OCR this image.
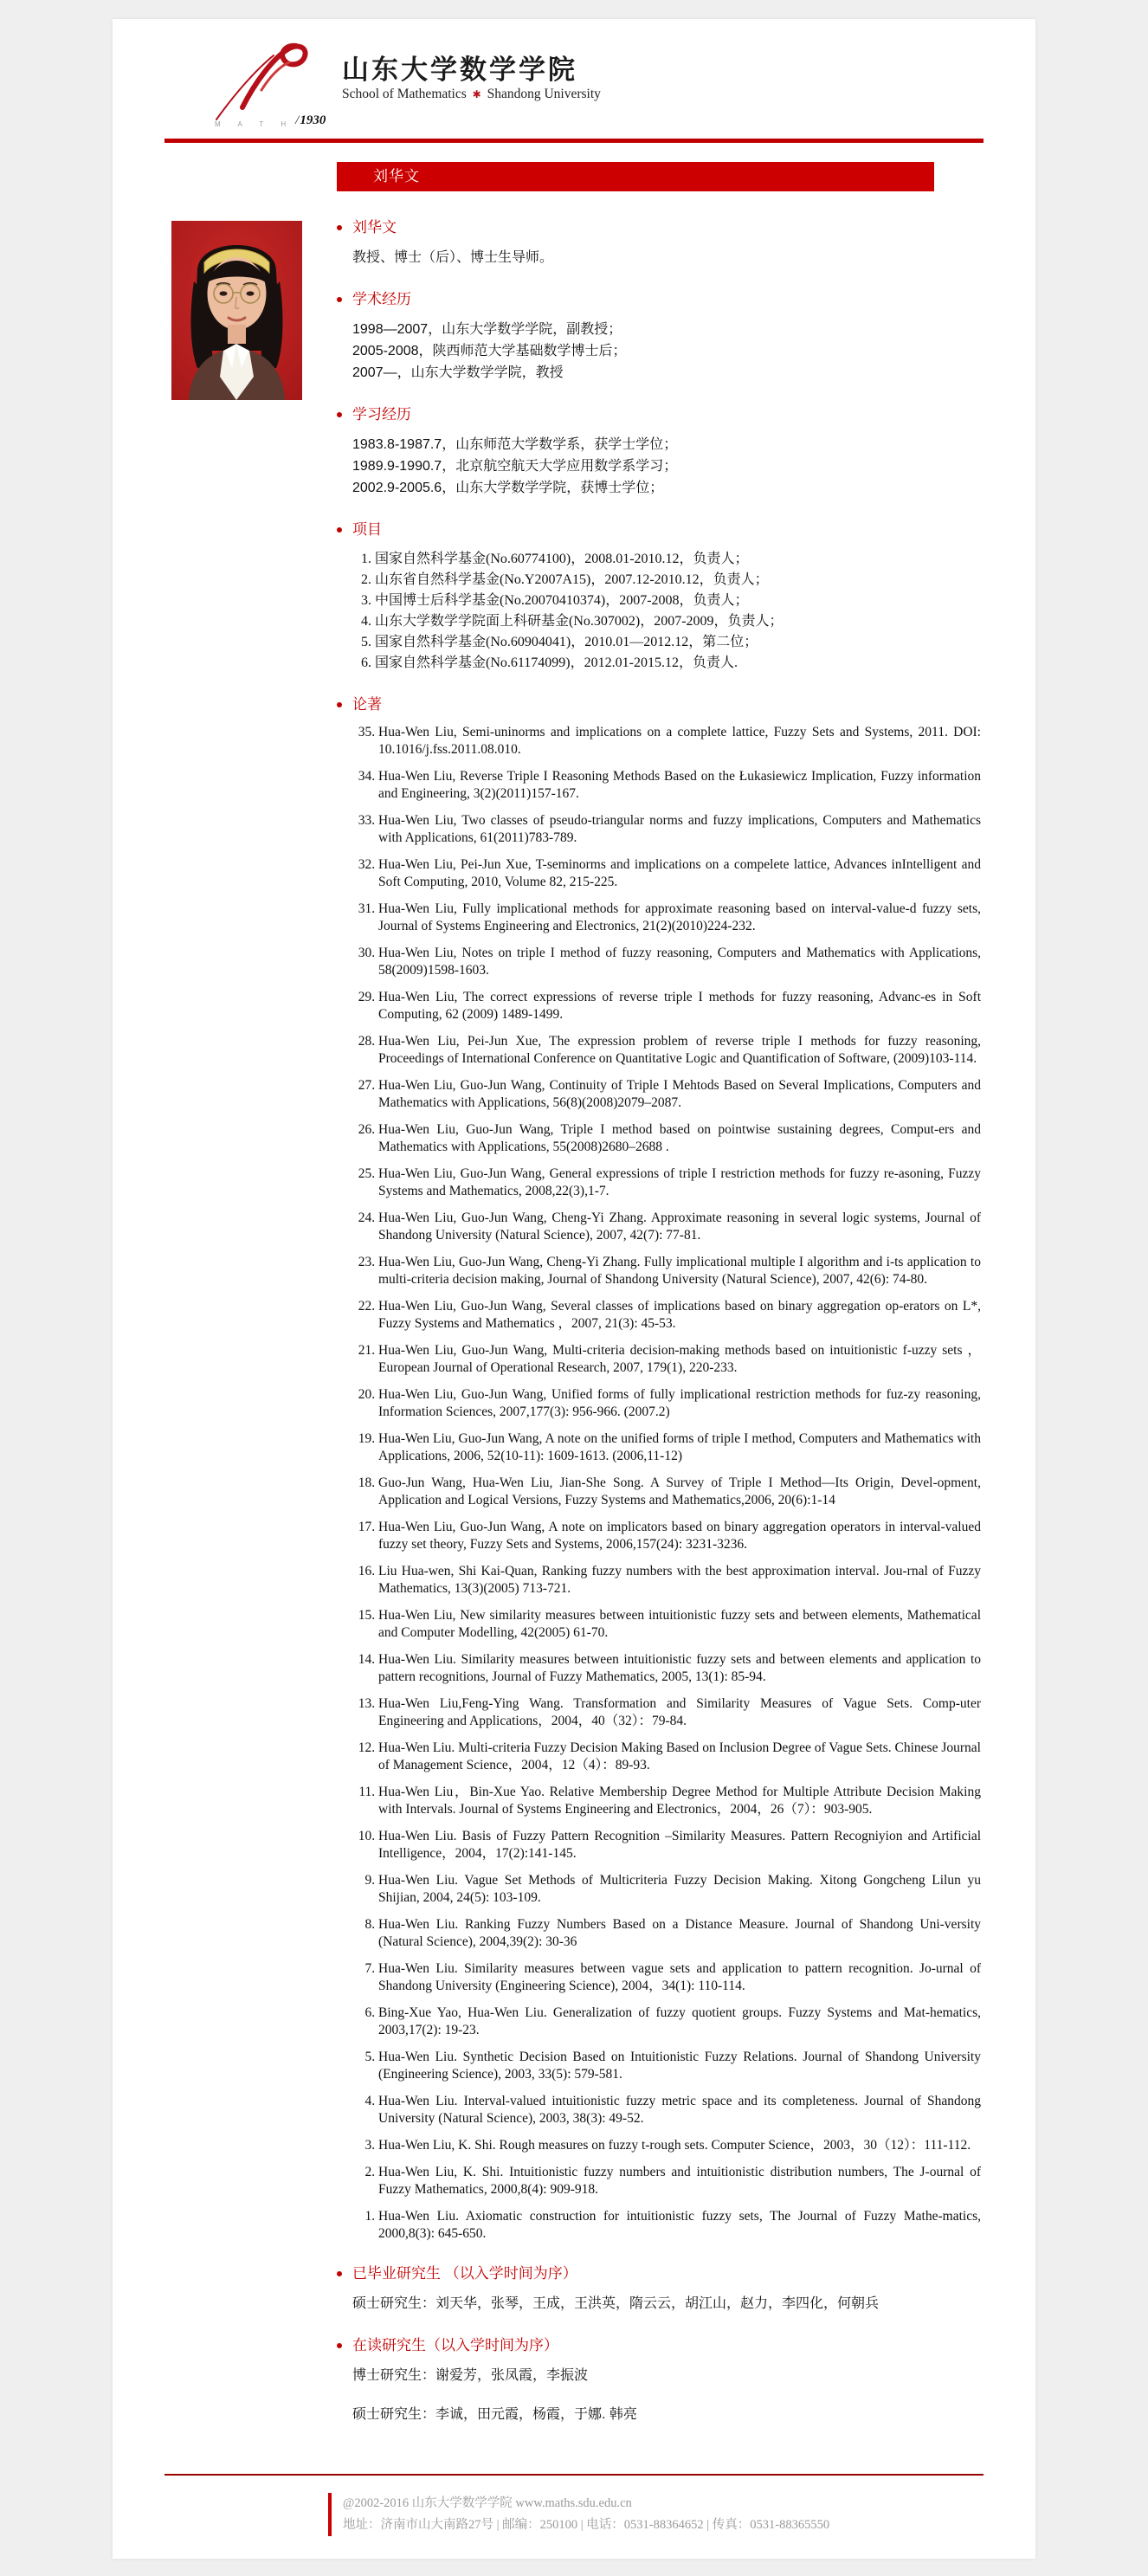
M A T H / 1930
山东大学数学学院
School of Mathematics ✱ Shandong University
刘华文
刘华文
教授、博士（后）、博士生导师。
学术经历
1998—2007，山东大学数学学院，副教授；
2005-2008，陕西师范大学基础数学博士后；
2007—，山东大学数学学院，教授
学习经历
1983.8-1987.7，山东师范大学数学系，获学士学位；
1989.9-1990.7，北京航空航天大学应用数学系学习；
2002.9-2005.6，山东大学数学学院，获博士学位；
项目
1. 国家自然科学基金(No.60774100)，2008.01-2010.12，负责人；
2. 山东省自然科学基金(No.Y2007A15)，2007.12-2010.12，负责人；
3. 中国博士后科学基金(No.20070410374)，2007-2008，负责人；
4. 山东大学数学学院面上科研基金(No.307002)，2007-2009，负责人；
5. 国家自然科学基金(No.60904041)，2010.01—2012.12，第二位；
6. 国家自然科学基金(No.61174099)，2012.01-2015.12，负责人.
论著
35. Hua-Wen Liu, Semi-uninorms and implications on a complete lattice, Fuzzy Sets and Systems, 2011. DOI: 10.1016/j.fss.2011.08.010.
34. Hua-Wen Liu, Reverse Triple I Reasoning Methods Based on the Łukasiewicz Implication, Fuzzy information and Engineering, 3(2)(2011)157-167.
33. Hua-Wen Liu, Two classes of pseudo-triangular norms and fuzzy implications, Computers and Mathematics with Applications, 61(2011)783-789.
32. Hua-Wen Liu, Pei-Jun Xue, T-seminorms and implications on a compelete lattice, Advances inIntelligent and Soft Computing, 2010, Volume 82, 215-225.
31. Hua-Wen Liu, Fully implicational methods for approximate reasoning based on interval-value-d fuzzy sets, Journal of Systems Engineering and Electronics, 21(2)(2010)224-232.
30. Hua-Wen Liu, Notes on triple I method of fuzzy reasoning, Computers and Mathematics with Applications, 58(2009)1598-1603.
29. Hua-Wen Liu, The correct expressions of reverse triple I methods for fuzzy reasoning, Advanc-es in Soft Computing, 62 (2009) 1489-1499.
28. Hua-Wen Liu, Pei-Jun Xue, The expression problem of reverse triple I methods for fuzzy reasoning, Proceedings of International Conference on Quantitative Logic and Quantification of Software, (2009)103-114.
27. Hua-Wen Liu, Guo-Jun Wang, Continuity of Triple I Mehtods Based on Several Implications, Computers and Mathematics with Applications, 56(8)(2008)2079–2087.
26. Hua-Wen Liu, Guo-Jun Wang, Triple I method based on pointwise sustaining degrees, Comput-ers and Mathematics with Applications, 55(2008)2680–2688 .
25. Hua-Wen Liu, Guo-Jun Wang, General expressions of triple I restriction methods for fuzzy re-asoning, Fuzzy Systems and Mathematics, 2008,22(3),1-7.
24. Hua-Wen Liu, Guo-Jun Wang, Cheng-Yi Zhang. Approximate reasoning in several logic systems, Journal of Shandong University (Natural Science), 2007, 42(7): 77-81.
23. Hua-Wen Liu, Guo-Jun Wang, Cheng-Yi Zhang. Fully implicational multiple I algorithm and i-ts application to multi-criteria decision making, Journal of Shandong University (Natural Science), 2007, 42(6): 74-80.
22. Hua-Wen Liu, Guo-Jun Wang, Several classes of implications based on binary aggregation op-erators on L*, Fuzzy Systems and Mathematics ，2007, 21(3): 45-53.
21. Hua-Wen Liu, Guo-Jun Wang, Multi-criteria decision-making methods based on intuitionistic f-uzzy sets ，European Journal of Operational Research, 2007, 179(1), 220-233.
20. Hua-Wen Liu, Guo-Jun Wang, Unified forms of fully implicational restriction methods for fuz-zy reasoning, Information Sciences, 2007,177(3): 956-966. (2007.2)
19. Hua-Wen Liu, Guo-Jun Wang, A note on the unified forms of triple I method, Computers and Mathematics with Applications, 2006, 52(10-11): 1609-1613. (2006,11-12)
18. Guo-Jun Wang, Hua-Wen Liu, Jian-She Song. A Survey of Triple I Method—Its Origin, Devel-opment, Application and Logical Versions, Fuzzy Systems and Mathematics,2006, 20(6):1-14
17. Hua-Wen Liu, Guo-Jun Wang, A note on implicators based on binary aggregation operators in interval-valued fuzzy set theory, Fuzzy Sets and Systems, 2006,157(24): 3231-3236.
16. Liu Hua-wen, Shi Kai-Quan, Ranking fuzzy numbers with the best approximation interval. Jou-rnal of Fuzzy Mathematics, 13(3)(2005) 713-721.
15. Hua-Wen Liu, New similarity measures between intuitionistic fuzzy sets and between elements, Mathematical and Computer Modelling, 42(2005) 61-70.
14. Hua-Wen Liu. Similarity measures between intuitionistic fuzzy sets and between elements and application to pattern recognitions, Journal of Fuzzy Mathematics, 2005, 13(1): 85-94.
13. Hua-Wen Liu,Feng-Ying Wang. Transformation and Similarity Measures of Vague Sets. Comp-uter Engineering and Applications，2004，40（32）：79-84.
12. Hua-Wen Liu. Multi-criteria Fuzzy Decision Making Based on Inclusion Degree of Vague Sets. Chinese Journal of Management Science，2004，12（4）：89-93.
11. Hua-Wen Liu，Bin-Xue Yao. Relative Membership Degree Method for Multiple Attribute Decision Making with Intervals. Journal of Systems Engineering and Electronics，2004，26（7）：903-905.
10. Hua-Wen Liu. Basis of Fuzzy Pattern Recognition –Similarity Measures. Pattern Recogniyion and Artificial Intelligence，2004，17(2):141-145.
9. Hua-Wen Liu. Vague Set Methods of Multicriteria Fuzzy Decision Making. Xitong Gongcheng Lilun yu Shijian, 2004, 24(5): 103-109.
8. Hua-Wen Liu. Ranking Fuzzy Numbers Based on a Distance Measure. Journal of Shandong Uni-versity (Natural Science), 2004,39(2): 30-36
7. Hua-Wen Liu. Similarity measures between vague sets and application to pattern recognition. Jo-urnal of Shandong University (Engineering Science), 2004，34(1): 110-114.
6. Bing-Xue Yao, Hua-Wen Liu. Generalization of fuzzy quotient groups. Fuzzy Systems and Mat-hematics, 2003,17(2): 19-23.
5. Hua-Wen Liu. Synthetic Decision Based on Intuitionistic Fuzzy Relations. Journal of Shandong University (Engineering Science), 2003, 33(5): 579-581.
4. Hua-Wen Liu. Interval-valued intuitionistic fuzzy metric space and its completeness. Journal of Shandong University (Natural Science), 2003, 38(3): 49-52.
3. Hua-Wen Liu, K. Shi. Rough measures on fuzzy t-rough sets. Computer Science，2003，30（12）：111-112.
2. Hua-Wen Liu, K. Shi. Intuitionistic fuzzy numbers and intuitionistic distribution numbers, The J-ournal of Fuzzy Mathematics, 2000,8(4): 909-918.
1. Hua-Wen Liu. Axiomatic construction for intuitionistic fuzzy sets, The Journal of Fuzzy Mathe-matics, 2000,8(3): 645-650.
已毕业研究生 （以入学时间为序）
硕士研究生：刘天华，张琴，王成，王洪英，隋云云，胡江山，赵力，李四化，何朝兵
在读研究生（以入学时间为序）
博士研究生：谢爱芳，张凤霞，李振波
硕士研究生：李诚，田元霞，杨霞，于娜. 韩亮
@2002-2016 山东大学数学学院 www.maths.sdu.edu.cn
地址：济南市山大南路27号 | 邮编：250100 | 电话：0531-88364652 | 传真：0531-88365550
